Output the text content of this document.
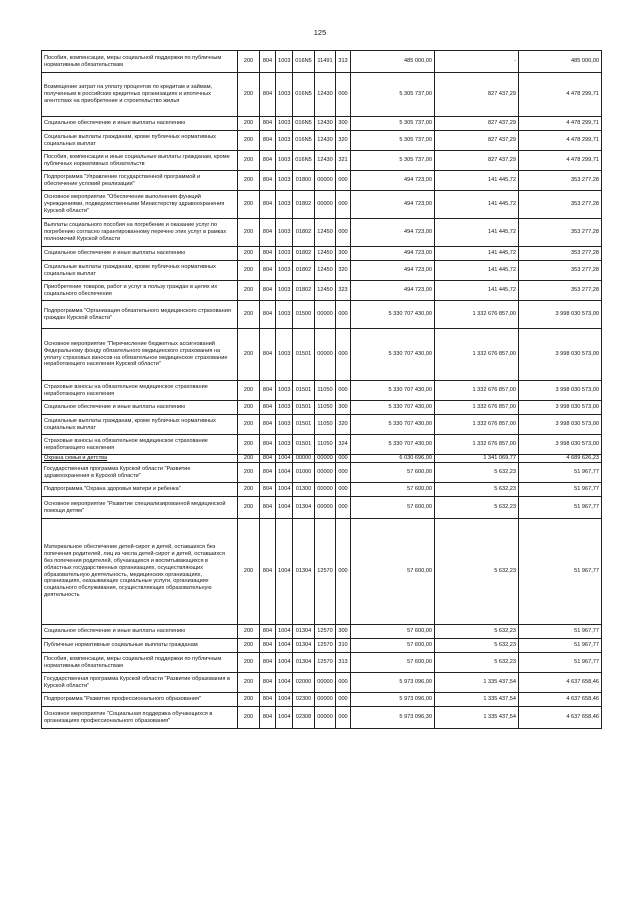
125
Пособия, компенсации, меры социальной поддержки по публичным нормативным обязательствам	200	804	1003	016N5	11491	313	485 000,00	-	485 000,00
Возмещение затрат на уплату процентов по кредитам и займам, полученным в российских кредитных организациях и ипотечных агентствах на приобретение и строительство жилья	200	804	1003	016N5	12430	000	5 305 737,00	827 437,29	4 478 299,71
Социальное обеспечение и иные выплаты населению	200	804	1003	016N5	12430	300	5 305 737,00	827 437,29	4 478 299,71
Социальные выплаты гражданам, кроме публичных нормативных социальных выплат	200	804	1003	016N5	12430	320	5 305 737,00	827 437,29	4 478 299,71
Пособия, компенсации и иные социальные выплаты гражданам, кроме публичных нормативных обязательств	200	804	1003	016N5	12430	321	5 305 737,00	827 437,29	4 478 299,71
Подпрограмма "Управление государственной программой и обеспечение условий реализации"	200	804	1003	01800	00000	000	494 723,00	141 445,72	353 277,28
Основное мероприятие "Обеспечение выполнения функций учреждениями, подведомственными Министерству здравоохранения Курской области"	200	804	1003	01802	00000	000	494 723,00	141 445,72	353 277,28
Выплаты социального пособия на погребение и оказание услуг по погребению согласно гарантированному перечню этих услуг в рамках полномочий Курской области	200	804	1003	01802	12450	000	494 723,00	141 445,72	353 277,28
Социальное обеспечение и иные выплаты населению	200	804	1003	01802	12450	300	494 723,00	141 445,72	353 277,28
Социальные выплаты гражданам, кроме публичных нормативных социальных выплат	200	804	1003	01802	12450	320	494 723,00	141 445,72	353 277,28
Приобретение товаров, работ и услуг в пользу граждан в целях их социального обеспечения	200	804	1003	01802	12450	323	494 723,00	141 445,72	353 277,28
Подпрограмма "Организация обязательного медицинского страхования граждан Курской области"	200	804	1003	01500	00000	000	5 330 707 430,00	1 332 676 857,00	3 998 030 573,00
Основное мероприятие "Перечисление бюджетных ассигнований Федеральному фонду обязательного медицинского страхования на уплату страховых взносов на обязательное медицинское страхование неработающего населения Курской области"	200	804	1003	01501	00000	000	5 330 707 430,00	1 332 676 857,00	3 998 030 573,00
Страховые взносы на обязательное медицинское страхование неработающего населения	200	804	1003	01501	11050	000	5 330 707 430,00	1 332 676 857,00	3 998 030 573,00
Социальное обеспечение и иные выплаты населению	200	804	1003	01501	11050	300	5 330 707 430,00	1 332 676 857,00	3 998 030 573,00
Социальные выплаты гражданам, кроме публичных нормативных социальных выплат	200	804	1003	01501	11050	320	5 330 707 430,00	1 332 676 857,00	3 998 030 573,00
Страховые взносы на обязательное медицинское страхование неработающего населения	200	804	1003	01501	11050	324	5 330 707 430,00	1 332 676 857,00	3 998 030 573,00
Охрана семьи и детства	200	804	1004	00000	00000	000	6 030 696,00	1 341 069,77	4 689 626,23
Государственная программа Курской области "Развитие здравоохранения в Курской области"	200	804	1004	01000	00000	000	57 600,00	5 632,23	51 967,77
Подпрограмма "Охрана здоровья матери и ребенка"	200	804	1004	01300	00000	000	57 600,00	5 632,23	51 967,77
Основное мероприятие "Развитие специализированной медицинской помощи детям"	200	804	1004	01304	00000	000	57 600,00	5 632,23	51 967,77
Материальное обеспечение детей-сирот и детей, оставшихся без попечения родителей, лиц из числа детей-сирот и детей, оставшихся без попечения родителей, обучающихся и воспитывающихся в областных государственных организациях, осуществляющих образовательную деятельность, медицинских организациях, организациях, оказывающих социальные услуги, организациях социального обслуживания, осуществляющих образовательную деятельность	200	804	1004	01304	12570	000	57 600,00	5 632,23	51 967,77
Социальное обеспечение и иные выплаты населению	200	804	1004	01304	12570	300	57 600,00	5 632,23	51 967,77
Публичные нормативные социальные выплаты гражданам	200	804	1004	01304	12570	310	57 600,00	5 632,23	51 967,77
Пособия, компенсации, меры социальной поддержки по публичным нормативным обязательствам	200	804	1004	01304	12570	313	57 600,00	5 632,23	51 967,77
Государственная программа Курской области "Развитие образования в Курской области"	200	804	1004	02000	00000	000	5 973 096,00	1 335 437,54	4 637 658,46
Подпрограмма "Развитие профессионального образования"	200	804	1004	02300	00000	000	5 973 096,00	1 335 437,54	4 637 658,46
Основное мероприятие "Социальная поддержка обучающихся в организациях профессионального образования"	200	804	1004	02308	00000	000	5 973 096,30	1 335 437,54	4 637 658,46
